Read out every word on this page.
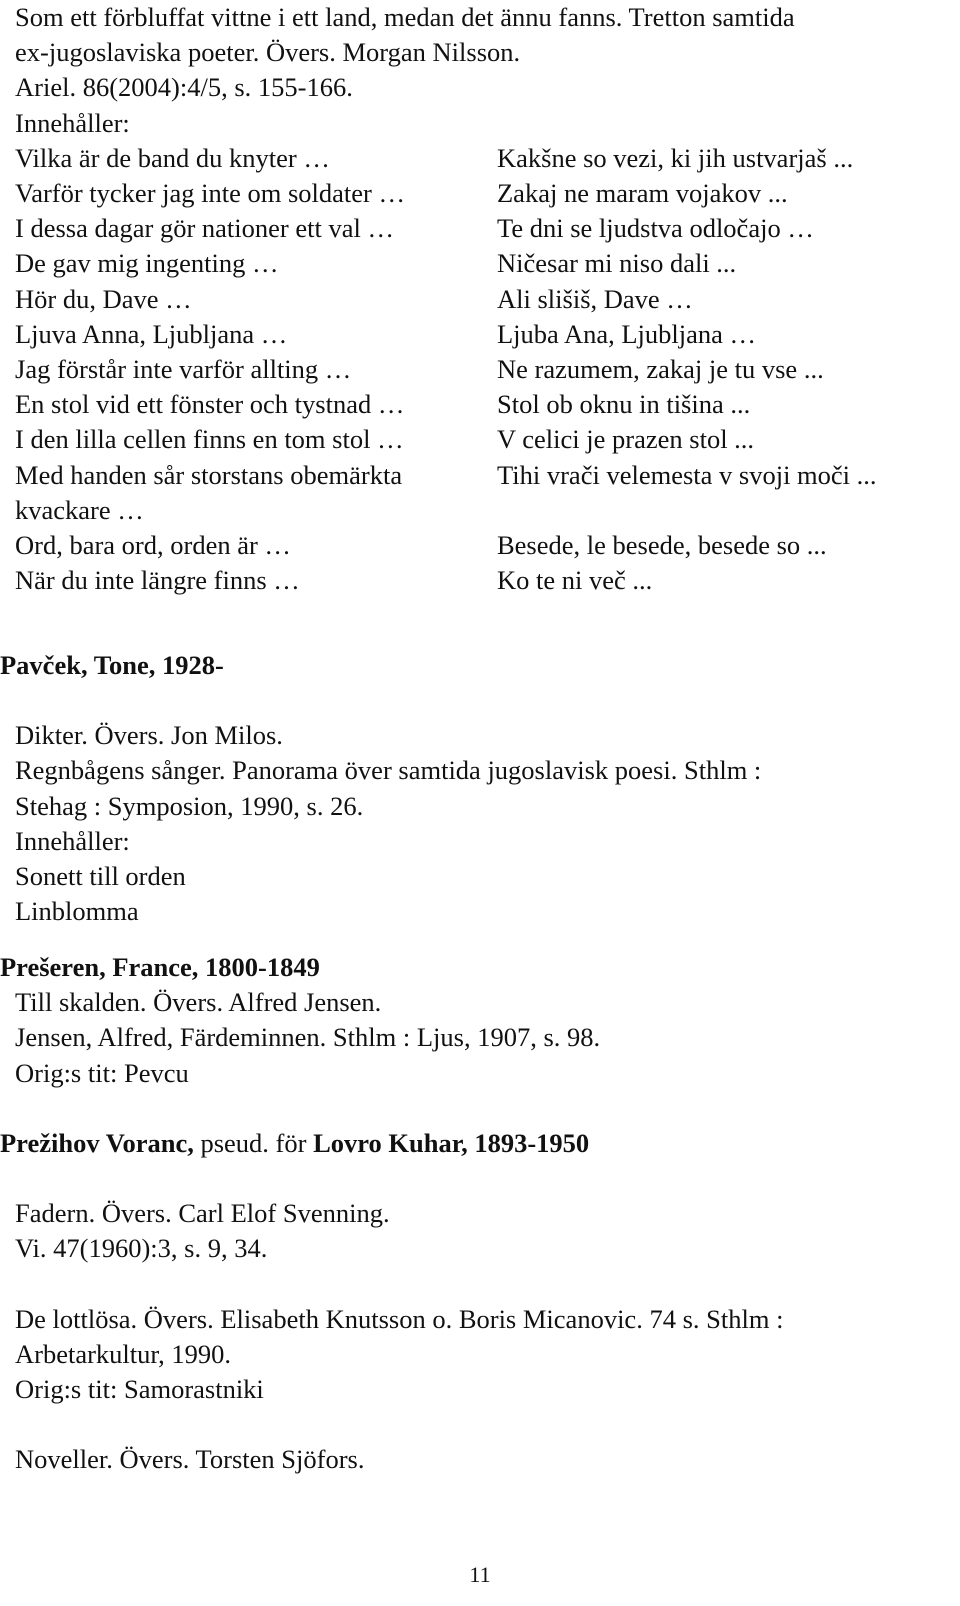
Som ett förbluffat vittne i ett land, medan det ännu fanns. Tretton samtida
ex-jugoslaviska poeter. Övers. Morgan Nilsson.
Ariel. 86(2004):4/5, s. 155-166.
Innehåller:
Vilka är de band du knyter …	Kakšne so vezi, ki jih ustvarjaš ...
Varför tycker jag inte om soldater …	Zakaj ne maram vojakov ...
I dessa dagar gör nationer ett val …	Te dni se ljudstva odločajo …
De gav mig ingenting …	Ničesar mi niso dali ...
Hör du, Dave …	Ali slišiš, Dave …
Ljuva Anna, Ljubljana …	Ljuba Ana, Ljubljana …
Jag förstår inte varför allting …	Ne razumem, zakaj je tu vse ...
En stol vid ett fönster och tystnad …	Stol ob oknu in tišina ...
I den lilla cellen finns en tom stol …	V celici je prazen stol ...
Med handen sår storstans obemärkta	Tihi vrači velemesta v svoji moči ...
kvackare …
Ord, bara ord, orden är …	Besede, le besede, besede so ...
När du inte längre finns …	Ko te ni več ...
Pavček, Tone, 1928-
Dikter. Övers. Jon Milos.
Regnbågens sånger. Panorama över samtida jugoslavisk poesi. Sthlm :
Stehag : Symposion, 1990, s. 26.
Innehåller:
Sonett till orden
Linblomma
Prešeren, France, 1800-1849
Till skalden. Övers. Alfred Jensen.
Jensen, Alfred, Färdeminnen. Sthlm : Ljus, 1907, s. 98.
Orig:s tit: Pevcu
Prežihov Voranc, pseud. för Lovro Kuhar, 1893-1950
Fadern. Övers. Carl Elof Svenning.
Vi. 47(1960):3, s. 9, 34.
De lottlösa. Övers. Elisabeth Knutsson o. Boris Micanovic. 74 s. Sthlm :
Arbetarkultur, 1990.
Orig:s tit: Samorastniki
Noveller. Övers. Torsten Sjöfors.
11
